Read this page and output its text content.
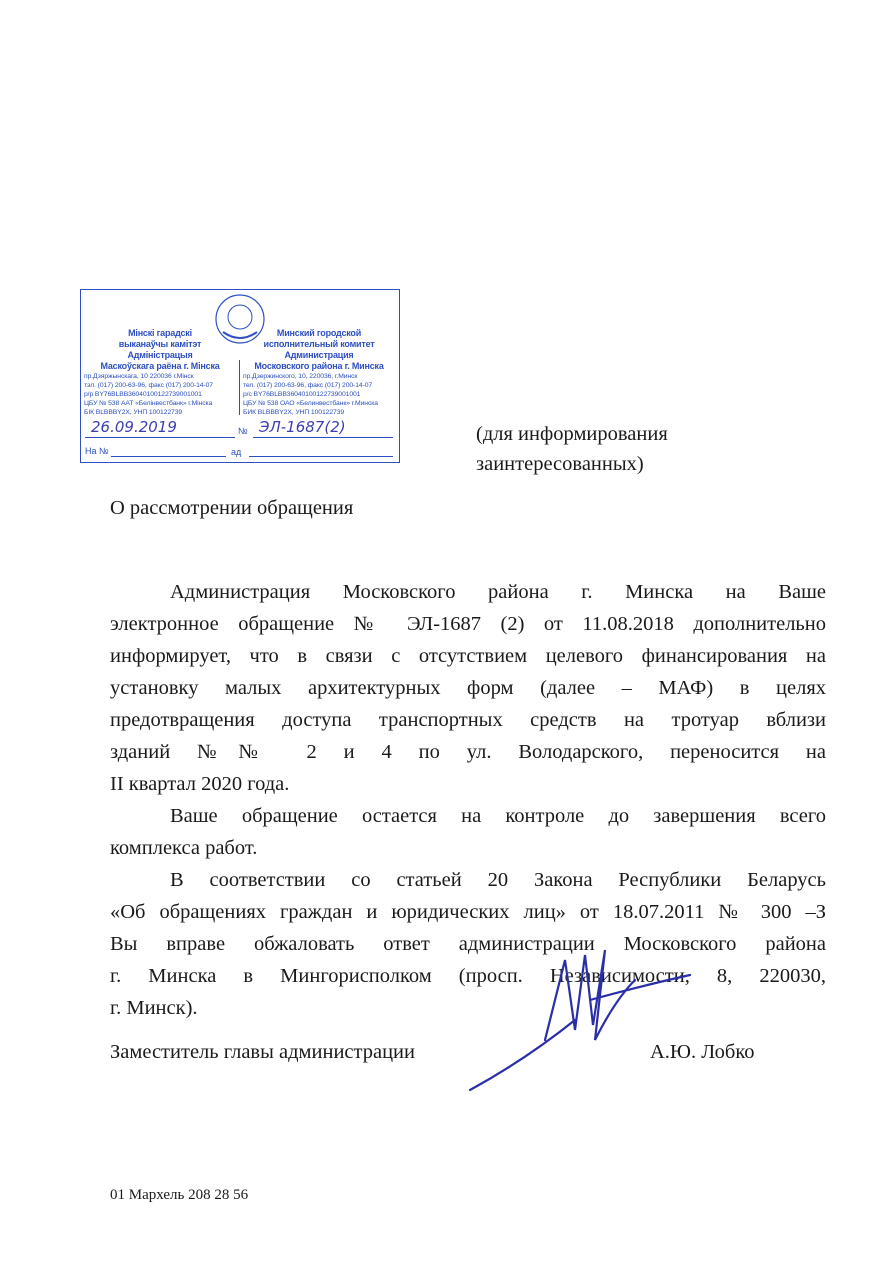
Мінскі гарадскі
выканаўчы камітэт
Адміністрацыя
Маскоўскага раёна г. Мінска
пр.Дзяржынскага, 10 220036 г.Мінск
тэл. (017) 200-63-96, факс (017) 200-14-07
р/р BY76BLBB36040100122739001001
ЦБУ № 538 ААТ «Белінвестбанк» г.Мінска
БІК BLBBBY2X, УНП 100122739
Минский городской
исполнительный комитет
Администрация
Московского района г. Минска
пр.Дзержинского, 10, 220036, г.Минск
тел. (017) 200-63-96, факс (017) 200-14-07
р/с BY76BLBB36040100122739001001
ЦБУ № 538 ОАО «Белинвестбанк» г.Минска
БИК BLBBBY2X, УНП 100122739
26.09.2019	№ ЭЛ-1687(2)
На №	ад
(для информирования
заинтересованных)
О рассмотрении обращения
Администрация Московского района г. Минска на Ваше
электронное обращение № ЭЛ-1687 (2) от 11.08.2018 дополнительно
информирует, что в связи с отсутствием целевого финансирования на
установку малых архитектурных форм (далее – МАФ) в целях
предотвращения доступа транспортных средств на тротуар вблизи
зданий №№ 2 и 4 по ул. Володарского, переносится на
II квартал 2020 года.
Ваше обращение остается на контроле до завершения всего
комплекса работ.
В соответствии со статьей 20 Закона Республики Беларусь
«Об обращениях граждан и юридических лиц» от 18.07.2011 № 300 –З
Вы вправе обжаловать ответ администрации Московского района
г. Минска в Мингорисполком (просп. Независимости, 8, 220030,
г. Минск).
Заместитель главы администрации	А.Ю. Лобко
01 Мархель 208 28 56
